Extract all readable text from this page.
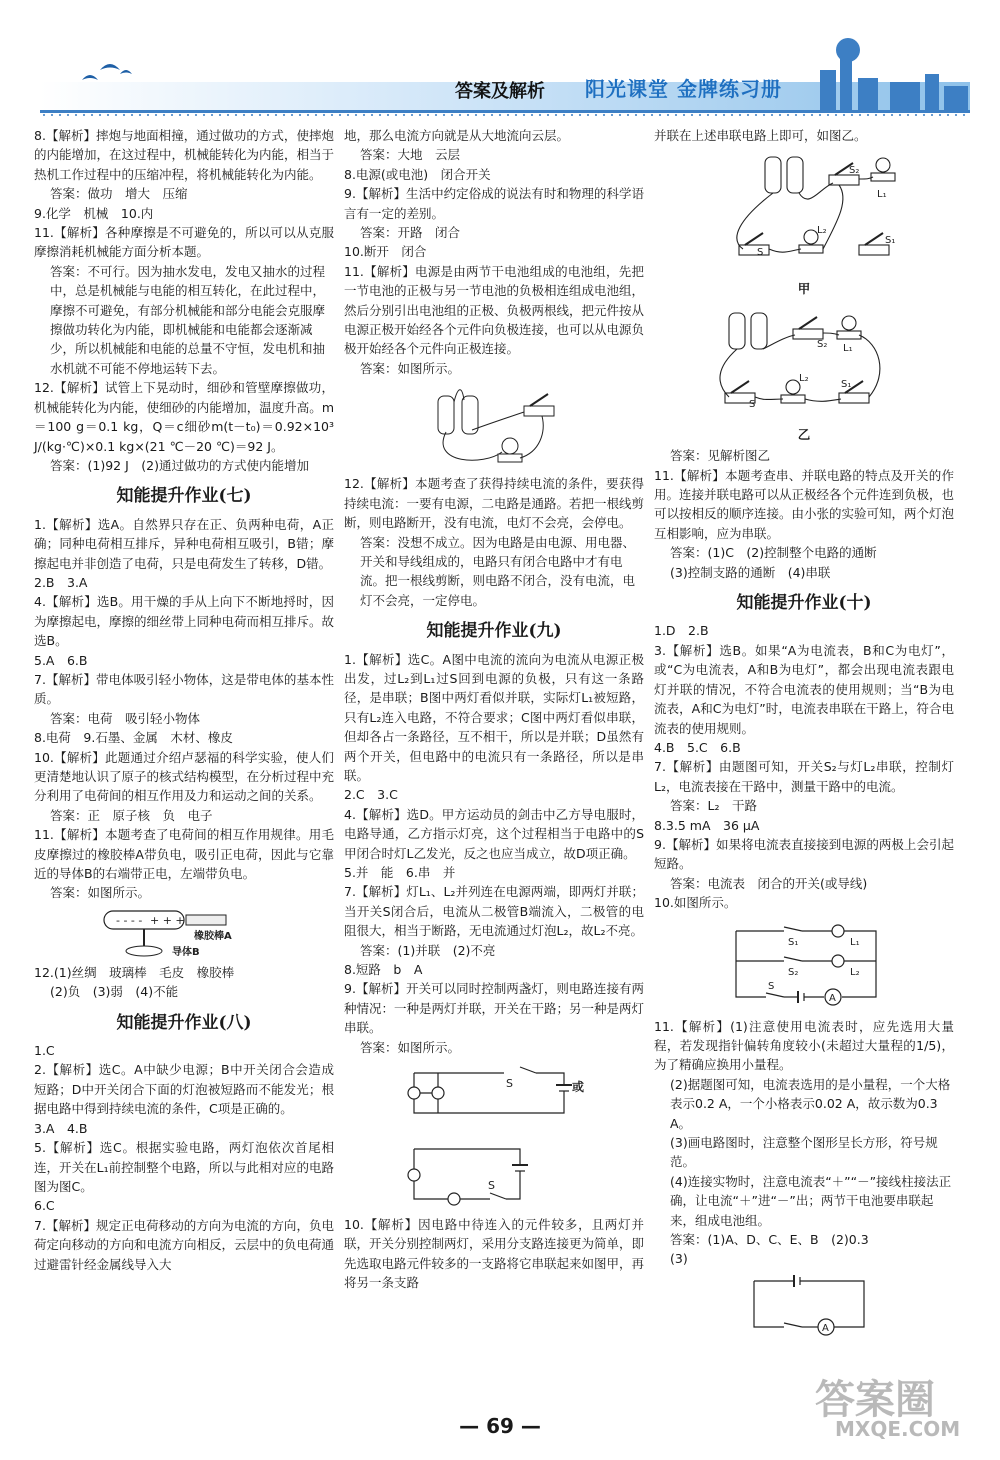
答案及解析 阳光课堂 金牌练习册

8.【解析】摔炮与地面相撞，通过做功的方式，使摔炮的内能增加，在这过程中，机械能转化为内能，相当于热机工作过程中的压缩冲程，将机械能转化为内能。

答案：做功　增大　压缩

9.化学　机械　10.内

11.【解析】各种摩擦是不可避免的，所以可以从克服摩擦消耗机械能方面分析本题。

答案：不可行。因为抽水发电，发电又抽水的过程中，总是机械能与电能的相互转化，在此过程中，摩擦不可避免，有部分机械能和部分电能会克服摩擦做功转化为内能，即机械能和电能都会逐渐减少，所以机械能和电能的总量不守恒，发电机和抽水机就不可能不停地运转下去。

12.【解析】试管上下晃动时，细砂和管壁摩擦做功，机械能转化为内能，使细砂的内能增加，温度升高。m＝100 g＝0.1 kg，Q＝c细砂m(t－t₀)＝0.92×10³ J/(kg·℃)×0.1 kg×(21 ℃－20 ℃)＝92 J。

答案：(1)92 J　(2)通过做功的方式使内能增加

知能提升作业(七)

1.【解析】选A。自然界只存在正、负两种电荷，A正确；同种电荷相互排斥，异种电荷相互吸引，B错；摩擦起电并非创造了电荷，只是电荷发生了转移，D错。

2.B　3.A

4.【解析】选B。用干燥的手从上向下不断地捋时，因为摩擦起电，摩擦的细丝带上同种电荷而相互排斥。故选B。

5.A　6.B

7.【解析】带电体吸引轻小物体，这是带电体的基本性质。

答案：电荷　吸引轻小物体

8.电荷　9.石墨、金属　木材、橡皮

10.【解析】此题通过介绍卢瑟福的科学实验，使人们更清楚地认识了原子的核式结构模型，在分析过程中充分利用了电荷间的相互作用及力和运动之间的关系。

答案：正　原子核　负　电子

11.【解析】本题考查了电荷间的相互作用规律。用毛皮摩擦过的橡胶棒A带负电，吸引正电荷，因此与它靠近的导体B的右端带正电，左端带负电。

答案：如图所示。

- - - - + + +
橡胶棒A
导体B

12.(1)丝绸　玻璃棒　毛皮　橡胶棒

(2)负　(3)弱　(4)不能

知能提升作业(八)

1.C

2.【解析】选C。A中缺少电源；B中开关闭合会造成短路；D中开关闭合下面的灯泡被短路而不能发光；根据电路中得到持续电流的条件，C项是正确的。

3.A　4.B

5.【解析】选C。根据实验电路，两灯泡依次首尾相连，开关在L₁前控制整个电路，所以与此相对应的电路图为图C。

6.C

7.【解析】规定正电荷移动的方向为电流的方向，负电荷定向移动的方向和电流方向相反，云层中的负电荷通过避雷针经金属线导入大

地，那么电流方向就是从大地流向云层。

答案：大地　云层

8.电源(或电池)　闭合开关

9.【解析】生活中约定俗成的说法有时和物理的科学语言有一定的差别。

答案：开路　闭合

10.断开　闭合

11.【解析】电源是由两节干电池组成的电池组，先把一节电池的正极与另一节电池的负极相连组成电池组，然后分别引出电池组的正极、负极两根线，把元件按从电源正极开始经各个元件向负极连接，也可以从电源负极开始经各个元件向正极连接。

答案：如图所示。

12.【解析】本题考查了获得持续电流的条件，要获得持续电流：一要有电源，二电路是通路。若把一根线剪断，则电路断开，没有电流，电灯不会亮，会停电。

答案：没想不成立。因为电路是由电源、用电器、开关和导线组成的，电路只有闭合电路中才有电流。把一根线剪断，则电路不闭合，没有电流，电灯不会亮，一定停电。

知能提升作业(九)

1.【解析】选C。A图中电流的流向为电流从电源正极出发，过L₂到L₁过S回到电源的负极，只有这一条路径，是串联；B图中两灯看似并联，实际灯L₁被短路，只有L₂连入电路，不符合要求；C图中两灯看似串联，但却各占一条路径，互不相干，所以是并联；D虽然有两个开关，但电路中的电流只有一条路径，所以是串联。

2.C　3.C

4.【解析】选D。甲方运动员的剑击中乙方导电服时，电路导通，乙方指示灯亮，这个过程相当于电路中的S甲闭合时灯L乙发光，反之也应当成立，故D项正确。

5.并　能　6.串　并

7.【解析】灯L₁、L₂并列连在电源两端，即两灯并联；当开关S闭合后，电流从二极管B端流入，二极管的电阻很大，相当于断路，无电流通过灯泡L₂，故L₂不亮。

答案：(1)并联　(2)不亮

8.短路　b　A

9.【解析】开关可以同时控制两盏灯，则电路连接有两种情况：一种是两灯并联，开关在干路；另一种是两灯串联。

答案：如图所示。

S	或
S

10.【解析】因电路中待连入的元件较多，且两灯并联，开关分别控制两灯，采用分支路连接更为简单，即先选取电路元件较多的一支路将它串联起来如图甲，再将另一条支路

并联在上述串联电路上即可，如图乙。

S₂
L₁
S
L₂
S₁
甲
S₂ L₁
S
L₂
S₁
乙

答案：见解析图乙

11.【解析】本题考查串、并联电路的特点及开关的作用。连接并联电路可以从正极经各个元件连到负极，也可以按相反的顺序连接。由小张的实验可知，两个灯泡互相影响，应为串联。

答案：(1)C　(2)控制整个电路的通断

(3)控制支路的通断　(4)串联

知能提升作业(十)

1.D　2.B

3.【解析】选B。如果“A为电流表，B和C为电灯”，或“C为电流表，A和B为电灯”，都会出现电流表跟电灯并联的情况，不符合电流表的使用规则；当“B为电流表，A和C为电灯”时，电流表串联在干路上，符合电流表的使用规则。

4.B　5.C　6.B

7.【解析】由题图可知，开关S₂与灯L₂串联，控制灯L₂，电流表接在干路中，测量干路中的电流。

答案：L₂　干路

8.3.5 mA　36 μA

9.【解析】如果将电流表直接接到电源的两极上会引起短路。

答案：电流表　闭合的开关(或导线)

10.如图所示。

S₁	L₁
S₂	L₂
S
A

11.【解析】(1)注意使用电流表时，应先选用大量程，若发现指针偏转角度较小(未超过大量程的1/5)，为了精确应换用小量程。

(2)据题图可知，电流表选用的是小量程，一个大格表示0.2 A，一个小格表示0.02 A，故示数为0.3 A。

(3)画电路图时，注意整个图形呈长方形，符号规范。

(4)连接实物时，注意电流表“＋”“－”接线柱接法正确，让电流“＋”进“－”出；两节干电池要串联起来，组成电池组。

答案：(1)A、D、C、E、B　(2)0.3

(3)

A
— 69 —
答案圈
MXQE.COM
